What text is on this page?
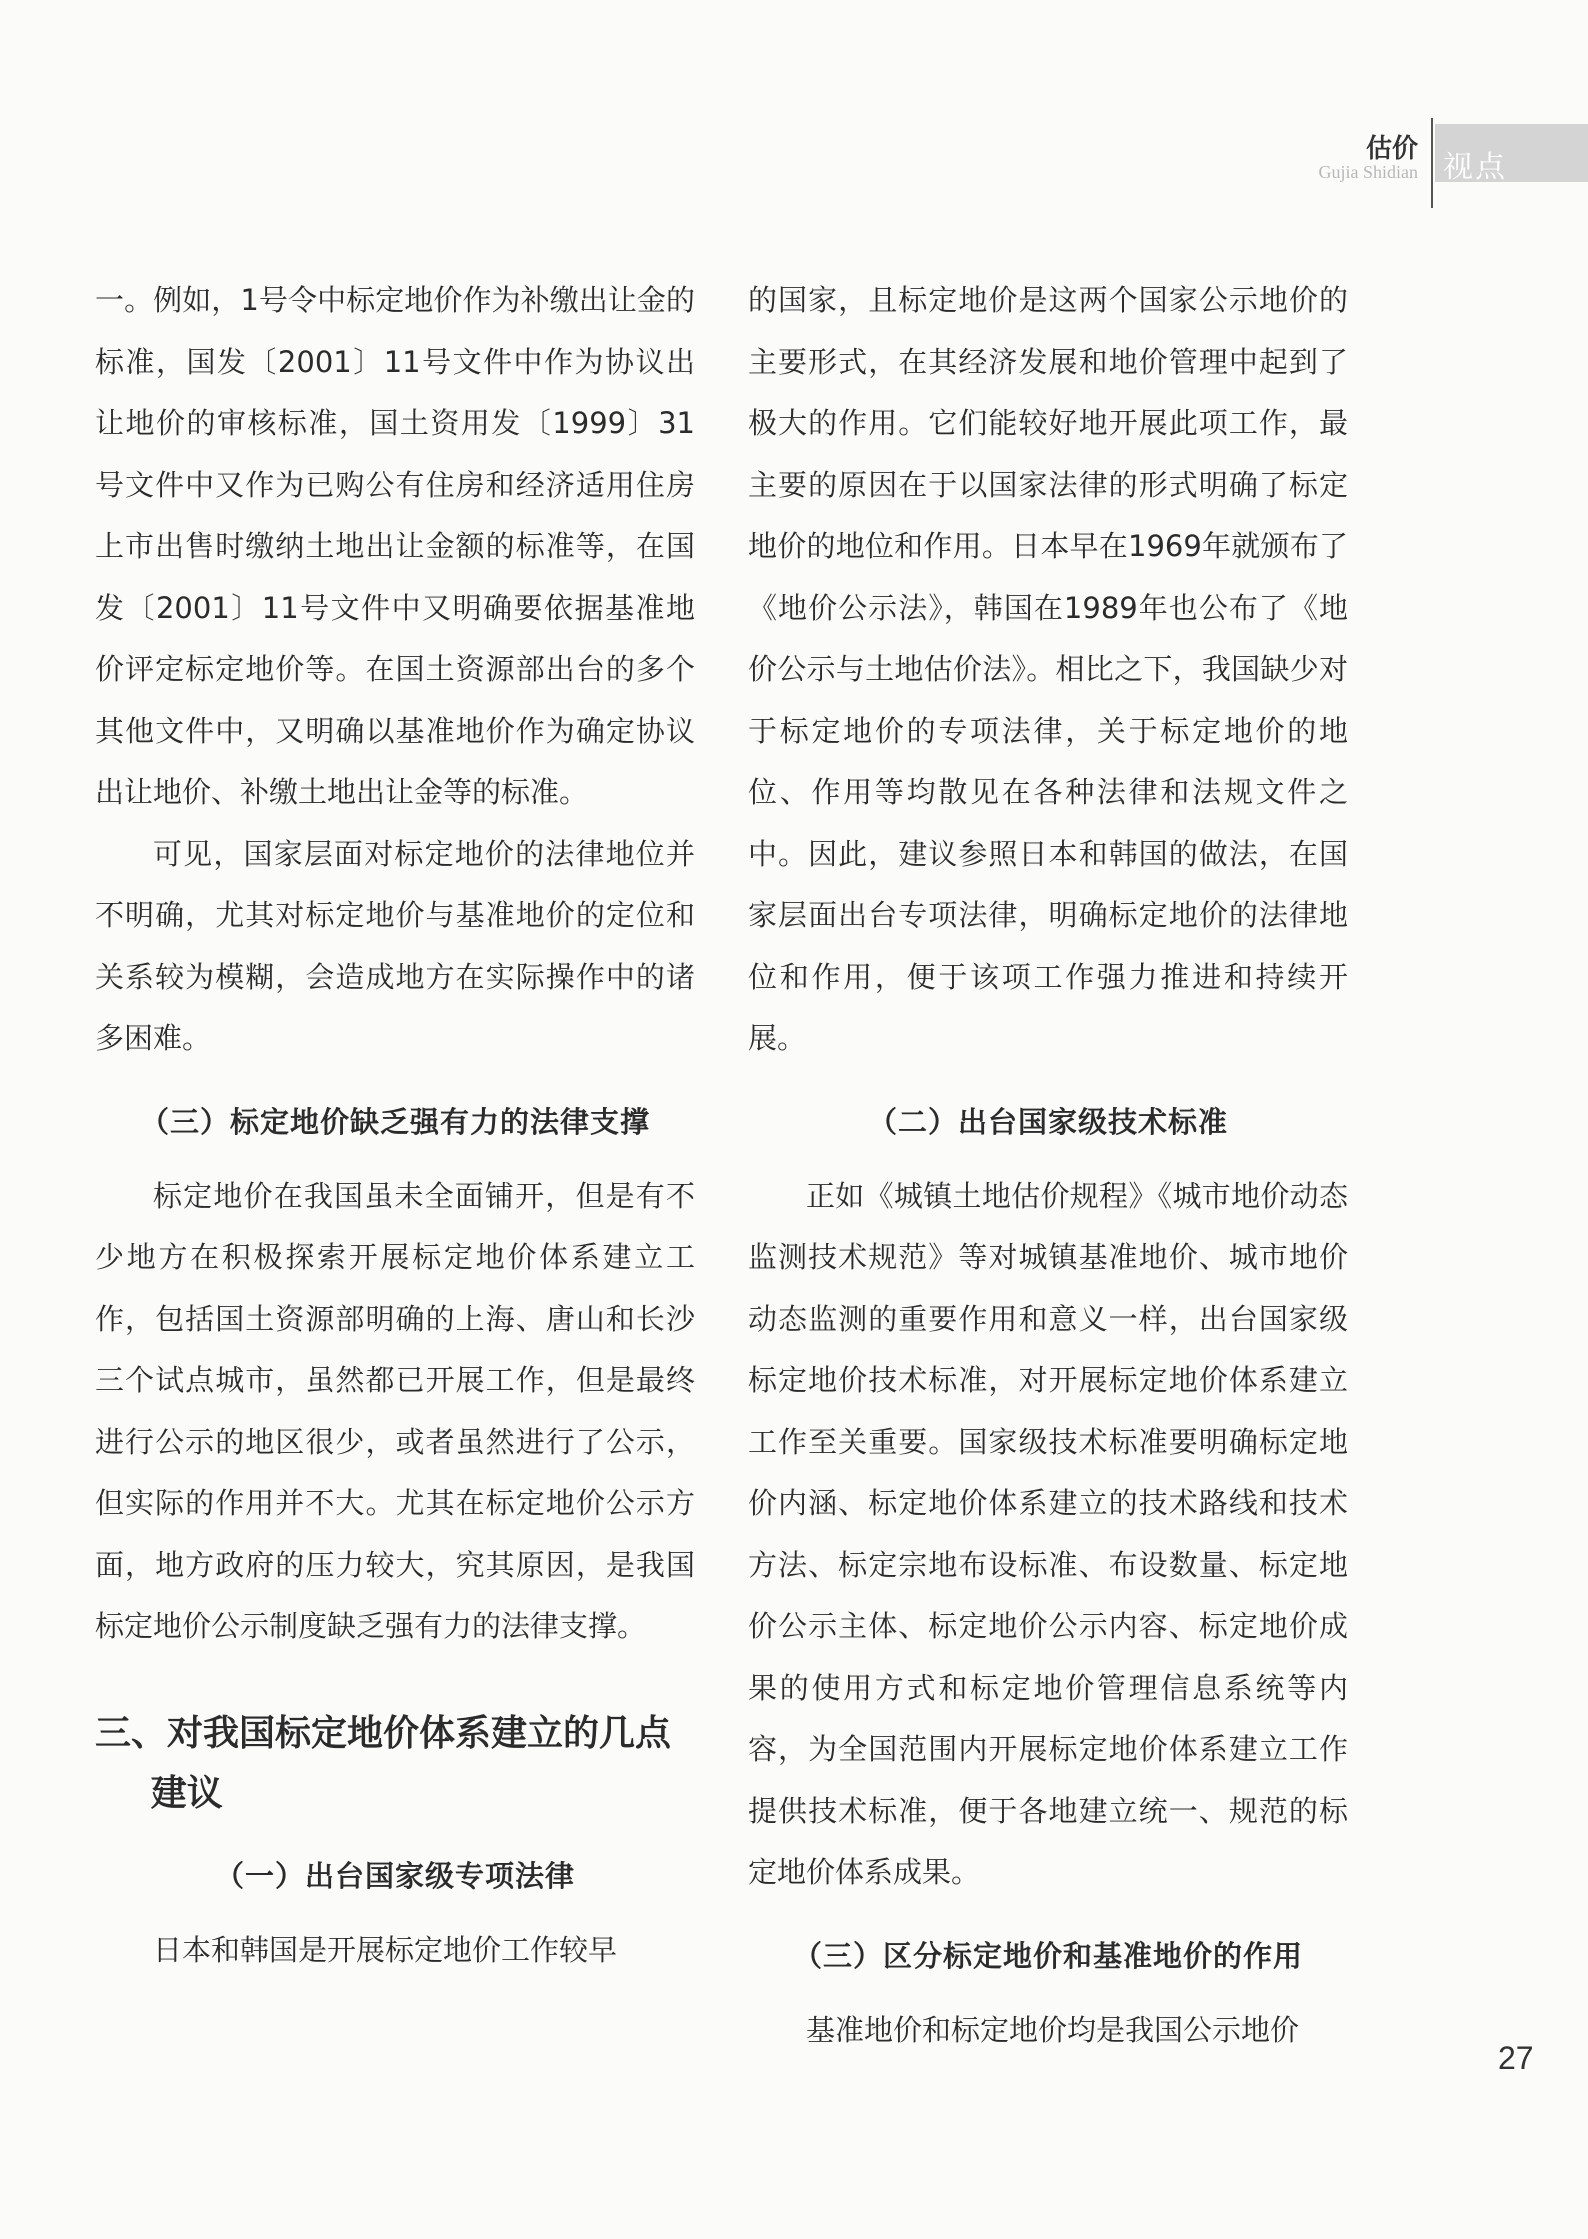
估价
Gujia Shidian 视点

一。例如，1号令中标定地价作为补缴出让金的标准，国发〔2001〕11号文件中作为协议出让地价的审核标准，国土资用发〔1999〕31号文件中又作为已购公有住房和经济适用住房上市出售时缴纳土地出让金额的标准等，在国发〔2001〕11号文件中又明确要依据基准地价评定标定地价等。在国土资源部出台的多个其他文件中，又明确以基准地价作为确定协议出让地价、补缴土地出让金等的标准。

可见，国家层面对标定地价的法律地位并不明确，尤其对标定地价与基准地价的定位和关系较为模糊，会造成地方在实际操作中的诸多困难。

（三）标定地价缺乏强有力的法律支撑

标定地价在我国虽未全面铺开，但是有不少地方在积极探索开展标定地价体系建立工作，包括国土资源部明确的上海、唐山和长沙三个试点城市，虽然都已开展工作，但是最终进行公示的地区很少，或者虽然进行了公示，但实际的作用并不大。尤其在标定地价公示方面，地方政府的压力较大，究其原因，是我国标定地价公示制度缺乏强有力的法律支撑。

三、对我国标定地价体系建立的几点建议
（一）出台国家级专项法律

日本和韩国是开展标定地价工作较早

的国家，且标定地价是这两个国家公示地价的主要形式，在其经济发展和地价管理中起到了极大的作用。它们能较好地开展此项工作，最主要的原因在于以国家法律的形式明确了标定地价的地位和作用。日本早在1969年就颁布了《地价公示法》，韩国在1989年也公布了《地价公示与土地估价法》。相比之下，我国缺少对于标定地价的专项法律，关于标定地价的地位、作用等均散见在各种法律和法规文件之中。因此，建议参照日本和韩国的做法，在国家层面出台专项法律，明确标定地价的法律地位和作用，便于该项工作强力推进和持续开展。

（二）出台国家级技术标准

正如《城镇土地估价规程》《城市地价动态监测技术规范》等对城镇基准地价、城市地价动态监测的重要作用和意义一样，出台国家级标定地价技术标准，对开展标定地价体系建立工作至关重要。国家级技术标准要明确标定地价内涵、标定地价体系建立的技术路线和技术方法、标定宗地布设标准、布设数量、标定地价公示主体、标定地价公示内容、标定地价成果的使用方式和标定地价管理信息系统等内容，为全国范围内开展标定地价体系建立工作提供技术标准，便于各地建立统一、规范的标定地价体系成果。

（三）区分标定地价和基准地价的作用

基准地价和标定地价均是我国公示地价

27
